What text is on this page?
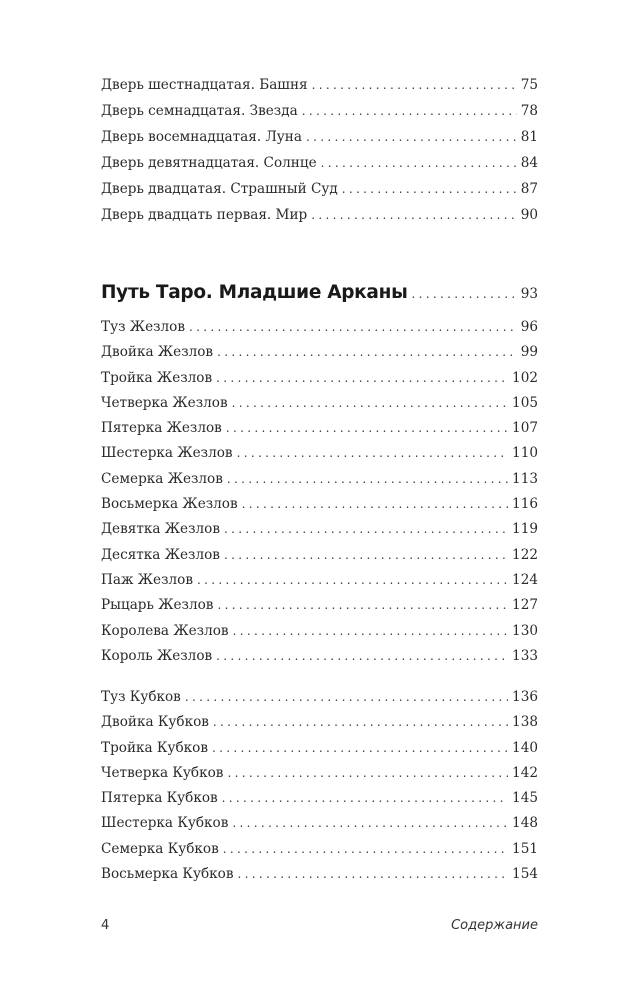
Дверь шестнадцатая. Башня . . .	75
Дверь семнадцатая. Звезда . . .	78
Дверь восемнадцатая. Луна . . .	81
Дверь девятнадцатая. Солнце . . .	84
Дверь двадцатая. Страшный Суд . . .	87
Дверь двадцать первая. Мир . . .	90
Путь Таро. Младшие Арканы . . .	93
Туз Жезлов . . .	96
Двойка Жезлов . . .	99
Тройка Жезлов . . .	102
Четверка Жезлов . . .	105
Пятерка Жезлов . . .	107
Шестерка Жезлов . . .	110
Семерка Жезлов . . .	113
Восьмерка Жезлов . . .	116
Девятка Жезлов . . .	119
Десятка Жезлов . . .	122
Паж Жезлов . . .	124
Рыцарь Жезлов . . .	127
Королева Жезлов . . .	130
Король Жезлов . . .	133
Туз Кубков . . .	136
Двойка Кубков . . .	138
Тройка Кубков . . .	140
Четверка Кубков . . .	142
Пятерка Кубков . . .	145
Шестерка Кубков . . .	148
Семерка Кубков . . .	151
Восьмерка Кубков . . .	154
4	Содержание
